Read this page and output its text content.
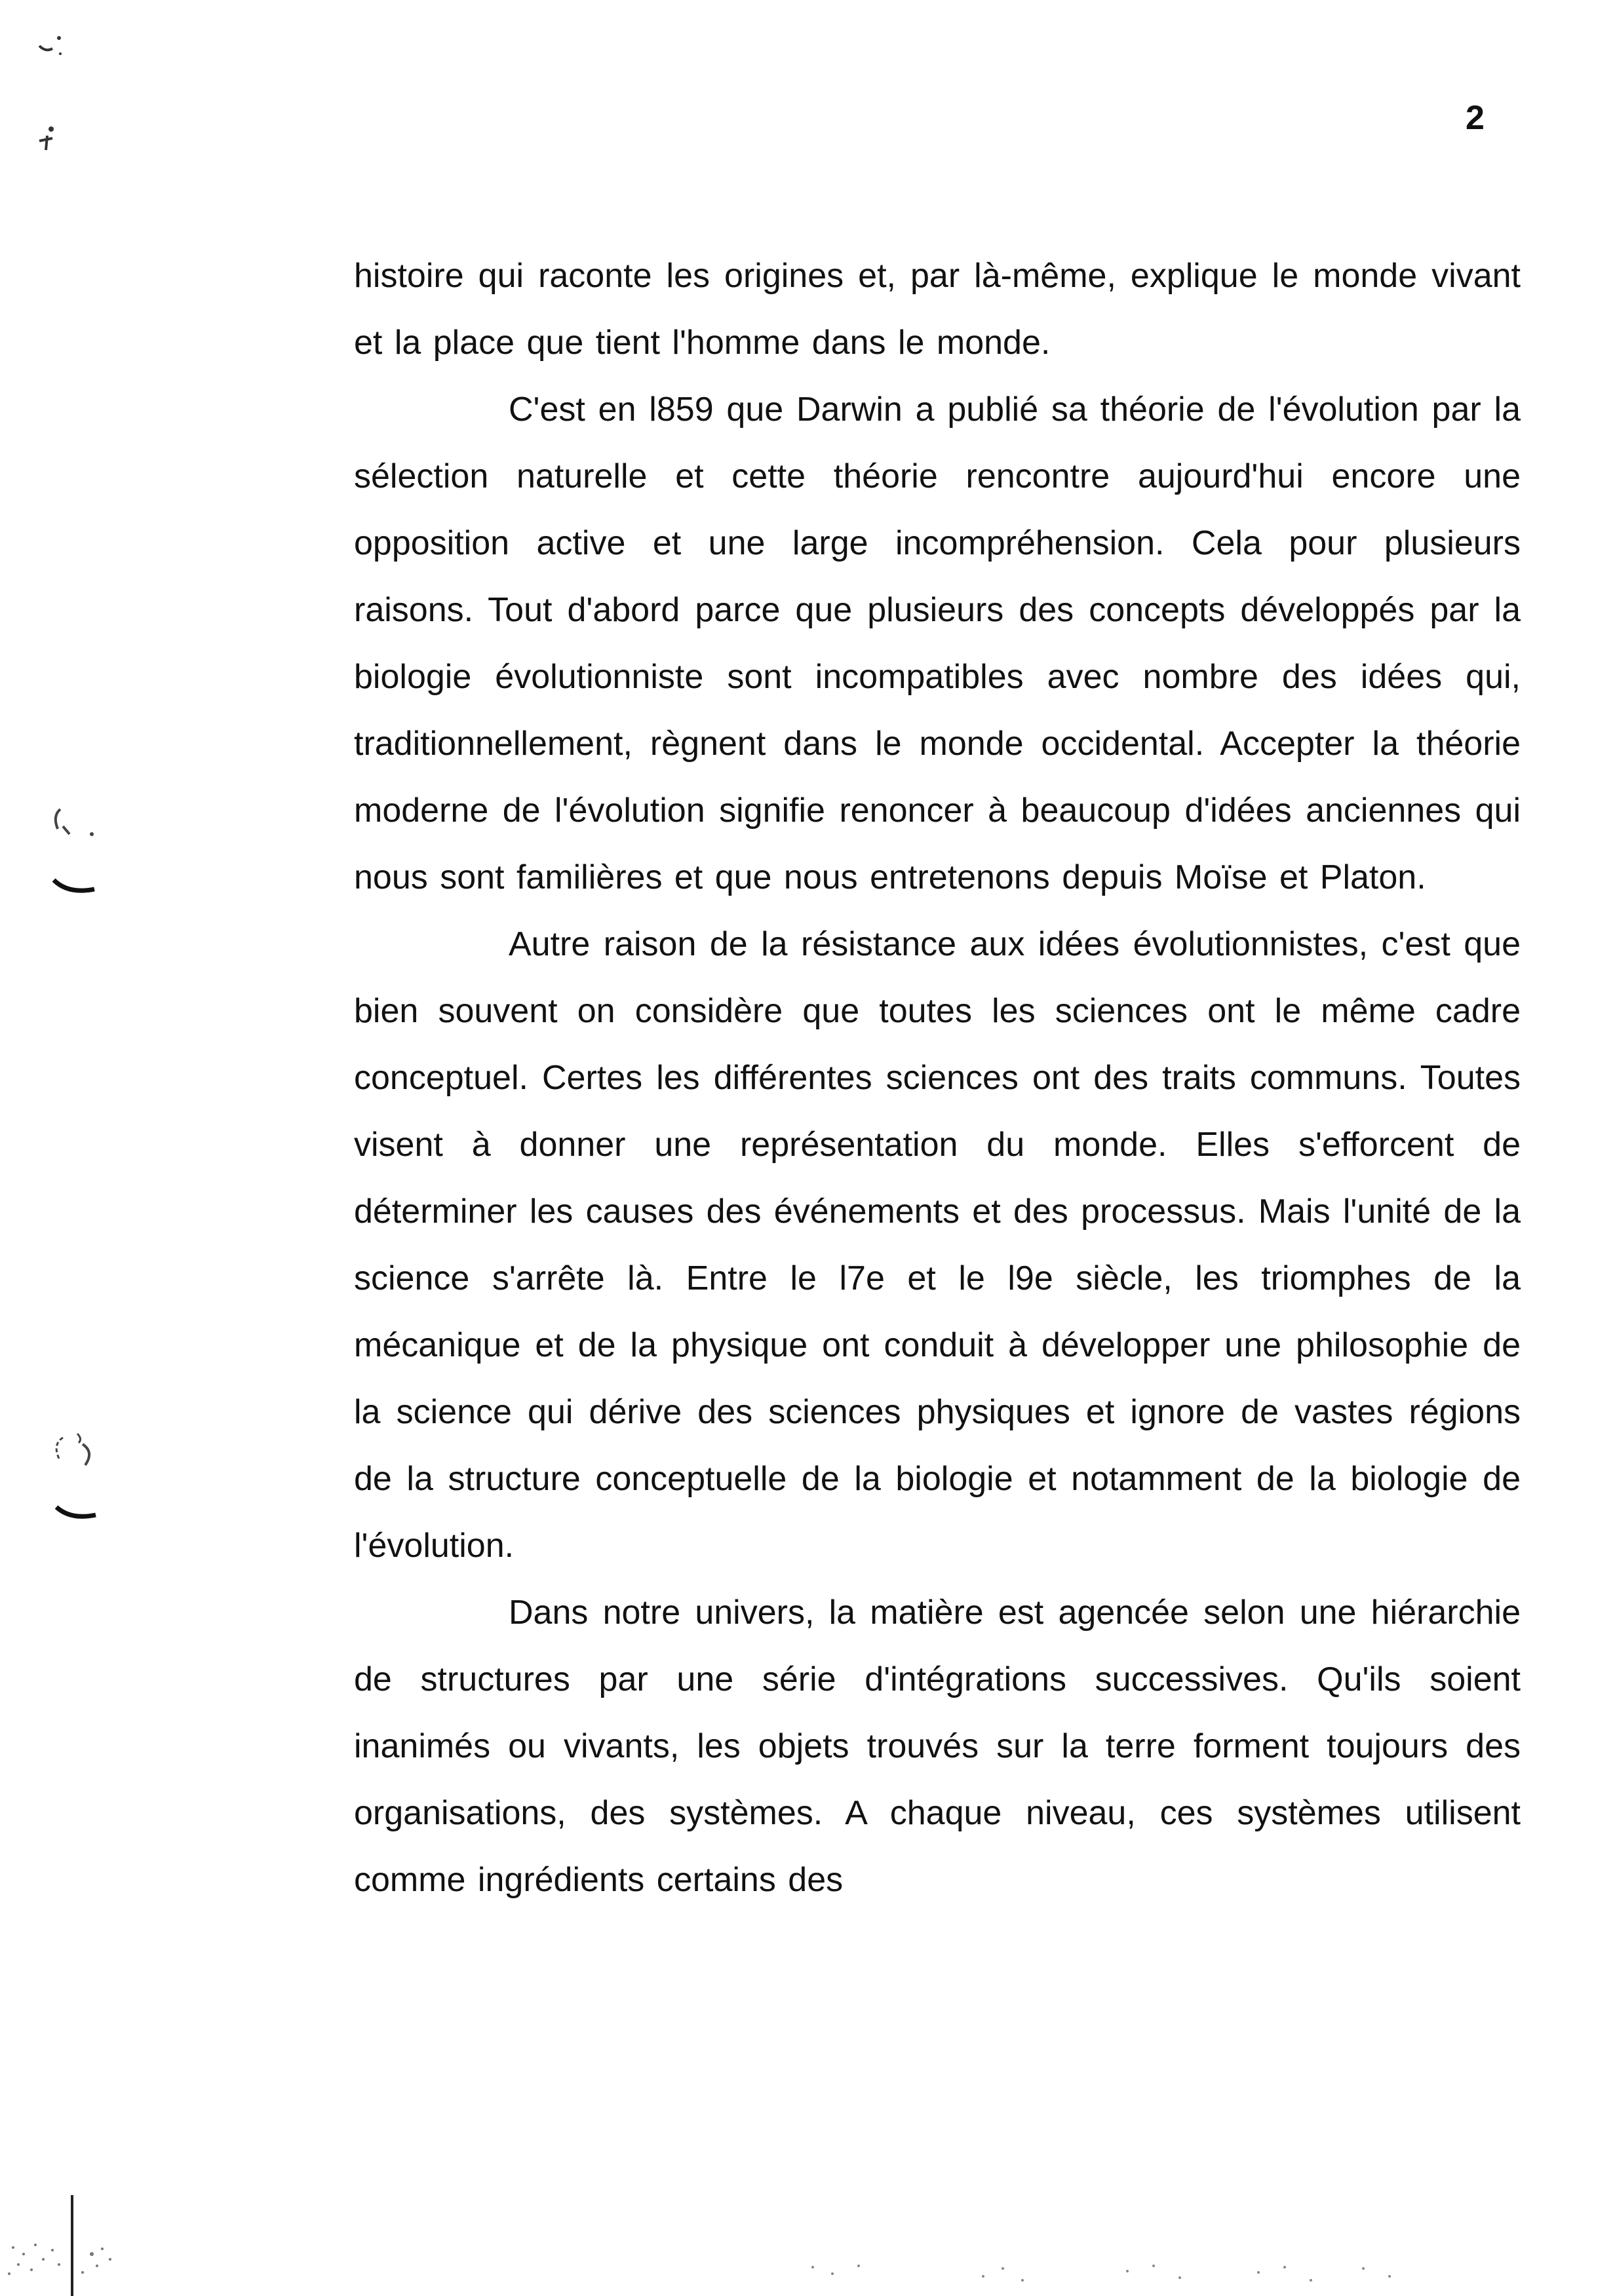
2

histoire qui raconte les origines et, par là-même, explique le monde vivant et la place que tient l'homme dans le monde.

C'est en l859 que Darwin a publié sa théorie de l'évolution par la sélection naturelle et cette théorie rencontre aujourd'hui encore une opposition active et une large incompréhension. Cela pour plusieurs raisons. Tout d'abord parce que plusieurs des concepts développés par la biologie évolutionniste sont incompatibles avec nombre des idées qui, traditionnellement, règnent dans le monde occidental. Accepter la théorie moderne de l'évolution signifie renoncer à beaucoup d'idées anciennes qui nous sont familières et que nous entretenons depuis Moïse et Platon.

Autre raison de la résistance aux idées évolutionnistes, c'est que bien souvent on considère que toutes les sciences ont le même cadre conceptuel. Certes les différentes sciences ont des traits communs. Toutes visent à donner une représentation du monde. Elles s'efforcent de déterminer les causes des événements et des processus. Mais l'unité de la science s'arrête là. Entre le l7e et le l9e siècle, les triomphes de la mécanique et de la physique ont conduit à développer une philosophie de la science qui dérive des sciences physiques et ignore de vastes régions de la structure conceptuelle de la biologie et notamment de la biologie de l'évolution.

Dans notre univers, la matière est agencée selon une hiérarchie de structures par une série d'intégrations successives. Qu'ils soient inanimés ou vivants, les objets trouvés sur la terre forment toujours des organisations, des systèmes. A chaque niveau, ces systèmes utilisent comme ingrédients certains des
